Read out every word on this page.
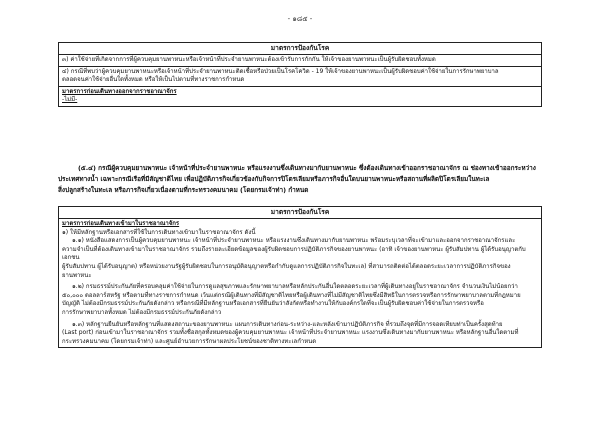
- ๑๘๕ -
มาตรการป้องกันโรค
๓) ค่าใช้จ่ายที่เกิดจากการที่ผู้ควบคุมยานพาหนะหรือเจ้าหน้าที่ประจำยานพาหนะต้องเข้ารับการกักกัน ให้เจ้าของยานพาหนะเป็นผู้รับผิดชอบทั้งหมด
๔) กรณีที่พบว่าผู้ควบคุมยานพาหนะหรือเจ้าหน้าที่ประจำยานพาหนะติดเชื้อหรือป่วยเป็นโรคโควิด - 19 ให้เจ้าของยานพาหนะเป็นผู้รับผิดชอบค่าใช้จ่ายในการรักษาพยาบาล
ตลอดจนค่าใช้จ่ายอื่นใดทั้งหมด หรือให้เป็นไปตามที่ทางราชการกำหนด
มาตรการก่อนเดินทางออกจากราชอาณาจักร
-ไม่มี-
(๕.๔) กรณีผู้ควบคุมยานพาหนะ เจ้าหน้าที่ประจำยานพาหนะ หรือแรงงานซึ่งเดินทางมากับยานพาหนะ ซึ่งต้องเดินทางเข้าออกราชอาณาจักร ณ ช่องทางเข้าออกระหว่าง
ประเทศทางน้ำ เฉพาะกรณีเรือที่มีสัญชาติไทย เพื่อปฏิบัติภารกิจเกี่ยวข้องกับกิจการปิโตรเลียมหรือภารกิจอื่นใดบนยานพาหนะหรือสถานที่ผลิตปิโตรเลียมในทะเล
สิ่งปลูกสร้างในทะเล หรือภารกิจเกี่ยวเนื่องตามที่กระทรวงคมนาคม (โดยกรมเจ้าท่า) กำหนด
มาตรการป้องกันโรค
มาตรการก่อนเดินทางเข้ามาในราชอาณาจักร
๑) ให้มีหลักฐานหรือเอกสารที่ใช้ในการเดินทางเข้ามาในราชอาณาจักร ดังนี้
๑.๑) หนังสือแสดงการเป็นผู้ควบคุมยานพาหนะ เจ้าหน้าที่ประจำยานพาหนะ หรือแรงงานซึ่งเดินทางมากับยานพาหนะ พร้อมระบุเวลาที่จะเข้ามาและออกจากราชอาณาจักรและ
ความจำเป็นที่ต้องเดินทางเข้ามาในราชอาณาจักร รวมถึงรายละเอียดข้อมูลของผู้รับผิดชอบการปฏิบัติภารกิจของยานพาหนะ (อาทิ เจ้าของยานพาหนะ ผู้รับสัมปทาน ผู้ได้รับอนุญาตกับเอกชน
ผู้รับสัมปทาน ผู้ได้รับอนุญาต) หรือหน่วยงานรัฐผู้รับผิดชอบในการอนุมัติอนุญาตหรือกำกับดูแลการปฏิบัติภารกิจในทะเล) ที่สามารถติดต่อได้ตลอดระยะเวลาการปฏิบัติภารกิจของ
ยานพาหนะ
๑.๒) กรมธรรม์ประกันภัยที่ครอบคลุมค่าใช้จ่ายในการดูแลสุขภาพและรักษาพยาบาลหรือหลักประกันอื่นใดตลอดระยะเวลาที่ผู้เดินทางอยู่ในราชอาณาจักร จำนวนเงินไม่น้อยกว่า
๕๐,๐๐๐ ดอลลาร์สหรัฐ หรือตามที่ทางราชการกำหนด เว้นแต่กรณีผู้เดินทางที่มีสัญชาติไทยหรือผู้เดินทางที่ไม่มีสัญชาติไทยซึ่งมีสิทธิในการตรวจหรือการรักษาพยาบาลตามที่กฎหมาย
บัญญัติ ไม่ต้องมีกรมธรรม์ประกันภัยดังกล่าว หรือกรณีที่มีหลักฐานหรือเอกสารที่ยืนยันว่าสังกัดหรือทำงานให้กับองค์กรใดที่จะเป็นผู้รับผิดชอบค่าใช้จ่ายในการตรวจหรือ
การรักษาพยาบาลทั้งหมด ไม่ต้องมีกรมธรรม์ประกันภัยดังกล่าว
๑.๓) หลักฐานยืนยันหรือหลักฐานที่แสดงสถานะของยานพาหนะ แผนการเดินทางก่อน-ระหว่าง-และหลังเข้ามาปฏิบัติภารกิจ ที่รวมถึงจุดที่มีการจอดเทียบท่าเป็นครั้งสุดท้าย
(Last port) ก่อนเข้ามาในราชอาณาจักร รวมทั้งชื่อสกุลทั้งหมดของผู้ควบคุมยานพาหนะ เจ้าหน้าที่ประจำยานพาหนะ แรงงานซึ่งเดินทางมากับยานพาหนะ หรือหลักฐานอื่นใดตามที่
กระทรวงคมนาคม (โดยกรมเจ้าท่า) และศูนย์อำนวยการรักษาผลประโยชน์ของชาติทางทะเลกำหนด
